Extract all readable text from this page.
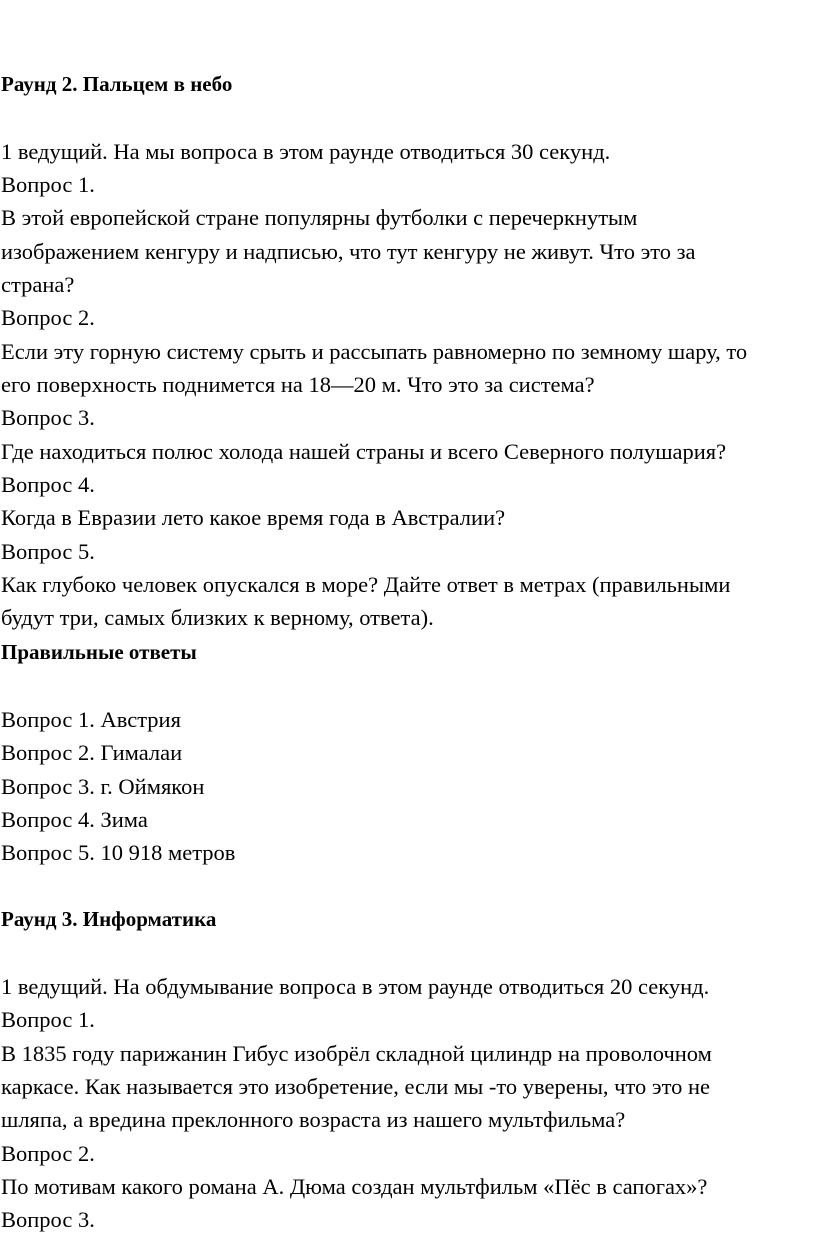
Раунд 2. Пальцем в небо
1 ведущий. На мы вопроса в этом раунде отводиться 30 секунд.
Вопрос 1.
В этой европейской стране популярны футболки с перечеркнутым
изображением кенгуру и надписью, что тут кенгуру не живут. Что это за
страна?
Вопрос 2.
Если эту горную систему срыть и рассыпать равномерно по земному шару, то
его поверхность поднимется на 18—20 м. Что это за система?
Вопрос 3.
Где находиться полюс холода нашей страны и всего Северного полушария?
Вопрос 4.
Когда в Евразии лето какое время года в Австралии?
Вопрос 5.
Как глубоко человек опускался в море? Дайте ответ в метрах (правильными
будут три, самых близких к верному, ответа).
Правильные ответы
Вопрос 1. Австрия
Вопрос 2. Гималаи
Вопрос 3. г. Оймякон
Вопрос 4. Зима
Вопрос 5. 10 918 метров
Раунд 3. Информатика
1 ведущий. На обдумывание вопроса в этом раунде отводиться 20 секунд.
Вопрос 1.
В 1835 году парижанин Гибус изобрёл складной цилиндр на проволочном
каркасе. Как называется это изобретение, если мы -то уверены, что это не
шляпа, а вредина преклонного возраста из нашего мультфильма?
Вопрос 2.
По мотивам какого романа А. Дюма создан мультфильм «Пёс в сапогах»?
Вопрос 3.
